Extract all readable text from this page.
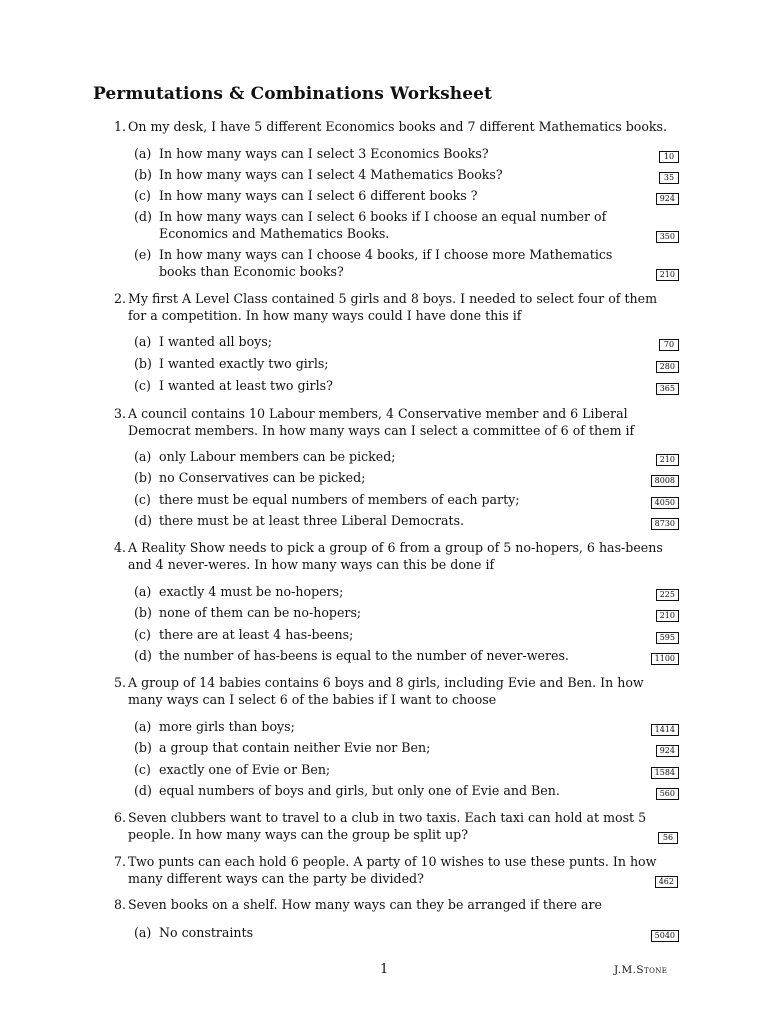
Permutations & Combinations Worksheet
1. On my desk, I have 5 different Economics books and 7 different Mathematics books.
(a) In how many ways can I select 3 Economics Books?	10
(b) In how many ways can I select 4 Mathematics Books?	35
(c) In how many ways can I select 6 different books ?	924
(d) In how many ways can I select 6 books if I choose an equal number of Economics and Mathematics Books.	350
(e) In how many ways can I choose 4 books, if I choose more Mathematics books than Economic books?	210
2. My first A Level Class contained 5 girls and 8 boys. I needed to select four of them for a competition. In how many ways could I have done this if
(a) I wanted all boys;	70
(b) I wanted exactly two girls;	280
(c) I wanted at least two girls?	365
3. A council contains 10 Labour members, 4 Conservative member and 6 Liberal Democrat members. In how many ways can I select a committee of 6 of them if
(a) only Labour members can be picked;	210
(b) no Conservatives can be picked;	8008
(c) there must be equal numbers of members of each party;	4050
(d) there must be at least three Liberal Democrats.	8730
4. A Reality Show needs to pick a group of 6 from a group of 5 no-hopers, 6 has-beens and 4 never-weres. In how many ways can this be done if
(a) exactly 4 must be no-hopers;	225
(b) none of them can be no-hopers;	210
(c) there are at least 4 has-beens;	595
(d) the number of has-beens is equal to the number of never-weres.	1100
5. A group of 14 babies contains 6 boys and 8 girls, including Evie and Ben. In how many ways can I select 6 of the babies if I want to choose
(a) more girls than boys;	1414
(b) a group that contain neither Evie nor Ben;	924
(c) exactly one of Evie or Ben;	1584
(d) equal numbers of boys and girls, but only one of Evie and Ben.	560
6. Seven clubbers want to travel to a club in two taxis. Each taxi can hold at most 5 people. In how many ways can the group be split up?	56
7. Two punts can each hold 6 people. A party of 10 wishes to use these punts. In how many different ways can the party be divided?	462
8. Seven books on a shelf. How many ways can they be arranged if there are
(a) No constraints	5040
1	J.M.Stone
